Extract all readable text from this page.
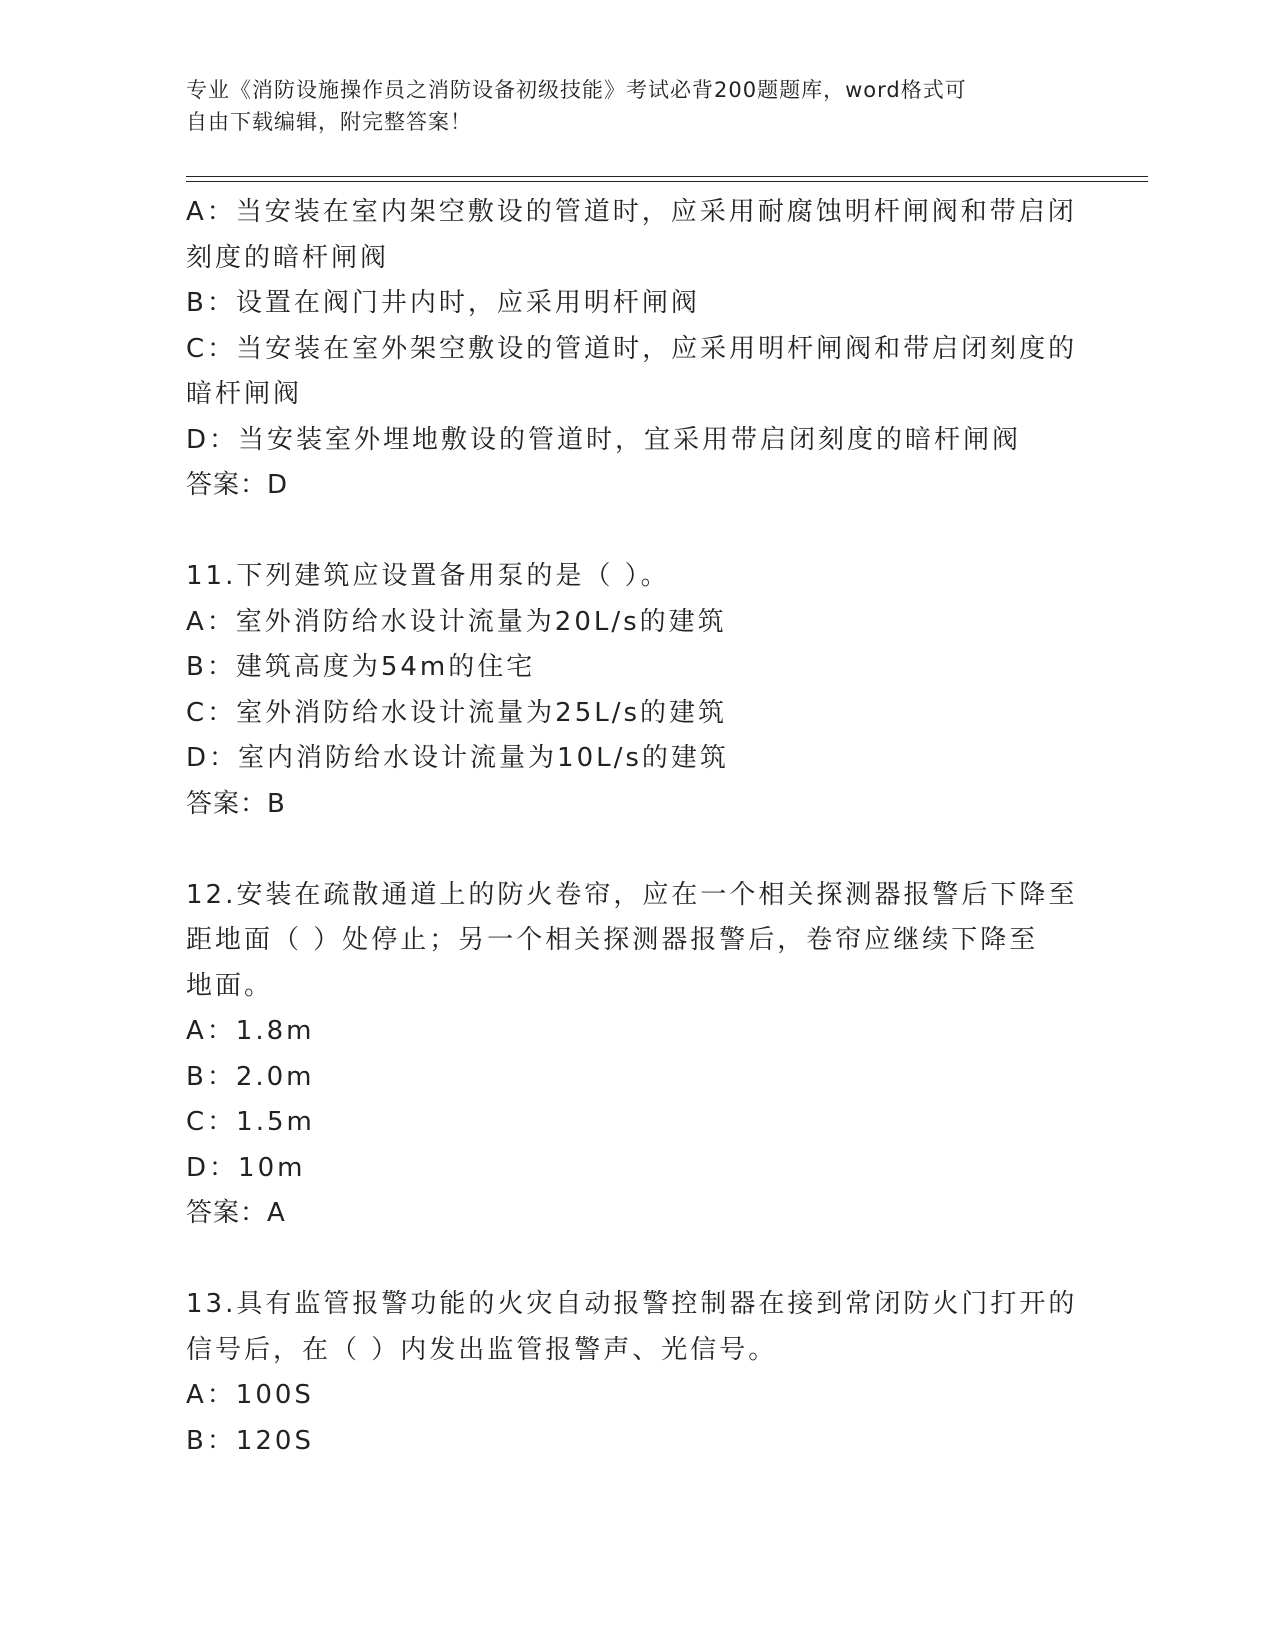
专业《消防设施操作员之消防设备初级技能》考试必背200题题库，word格式可
自由下载编辑，附完整答案！
A：当安装在室内架空敷设的管道时，应采用耐腐蚀明杆闸阀和带启闭
刻度的暗杆闸阀
B：设置在阀门井内时，应采用明杆闸阀
C：当安装在室外架空敷设的管道时，应采用明杆闸阀和带启闭刻度的
暗杆闸阀
D：当安装室外埋地敷设的管道时，宜采用带启闭刻度的暗杆闸阀
答案：D
11.下列建筑应设置备用泵的是（ ）。
A：室外消防给水设计流量为20L/s的建筑
B：建筑高度为54m的住宅
C：室外消防给水设计流量为25L/s的建筑
D：室内消防给水设计流量为10L/s的建筑
答案：B
12.安装在疏散通道上的防火卷帘，应在一个相关探测器报警后下降至
距地面（ ）处停止；另一个相关探测器报警后，卷帘应继续下降至
地面。
A：1.8m
B：2.0m
C：1.5m
D：10m
答案：A
13.具有监管报警功能的火灾自动报警控制器在接到常闭防火门打开的
信号后，在（ ）内发出监管报警声、光信号。
A：100S
B：120S
